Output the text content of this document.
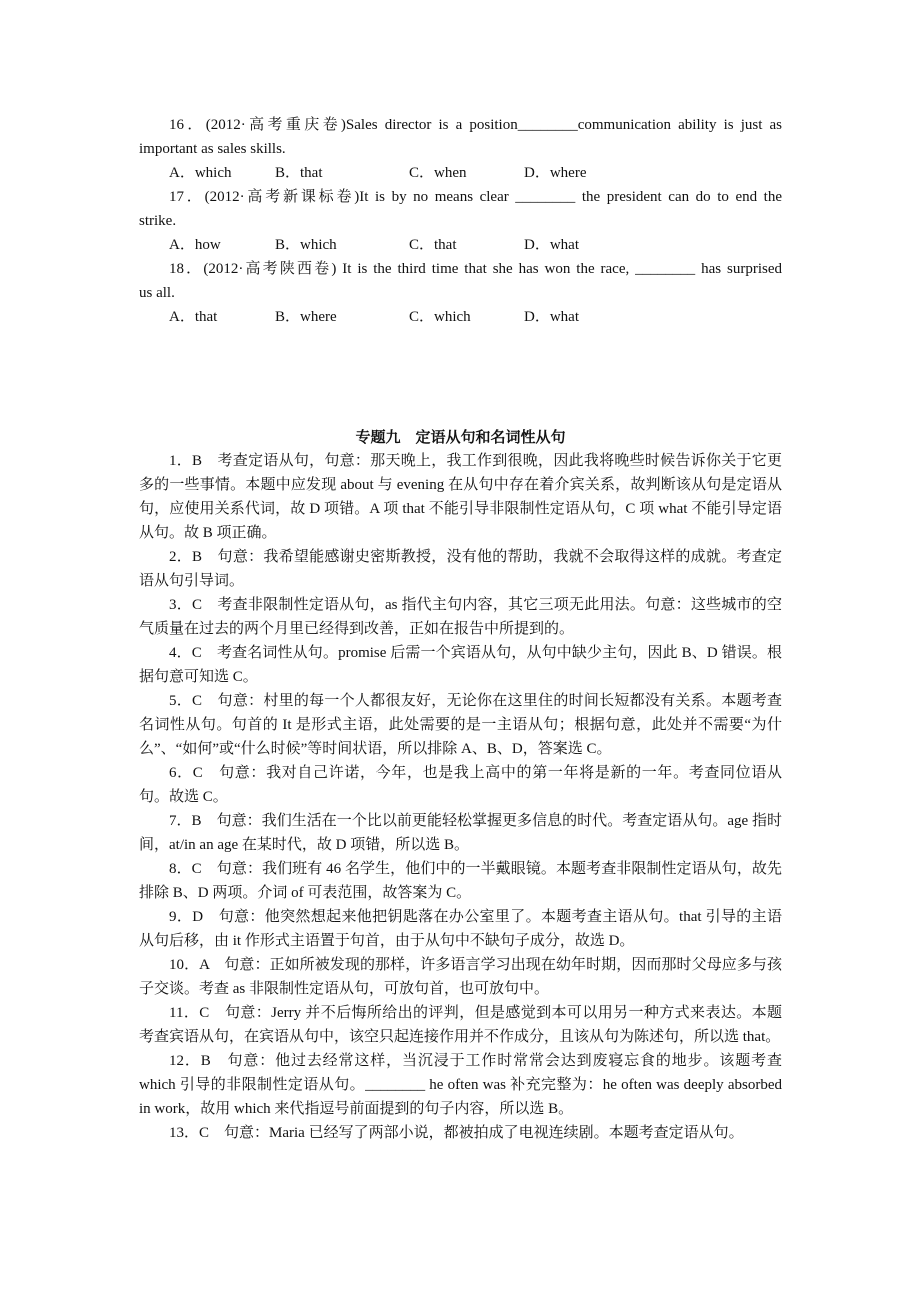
16．(2012·高考重庆卷)Sales director is a position________communication ability is just as

important as sales skills.

A．which	B．that	C．when	D．where

17．(2012·高考新课标卷)It is by no means clear ________ the president can do to end the

strike.

A．how	B．which	C．that	D．what

18．(2012·高考陕西卷) It is the third time that she has won the race, ________ has surprised

us all.

A．that	B．where	C．which	D．what

专题九　定语从句和名词性从句

1．B　考查定语从句，句意：那天晚上，我工作到很晚，因此我将晚些时候告诉你关于它更多的一些事情。本题中应发现 about 与 evening 在从句中存在着介宾关系，故判断该从句是定语从句，应使用关系代词，故 D 项错。A 项 that 不能引导非限制性定语从句，C 项 what 不能引导定语从句。故 B 项正确。

2．B　句意：我希望能感谢史密斯教授，没有他的帮助，我就不会取得这样的成就。考查定语从句引导词。

3．C　考查非限制性定语从句，as 指代主句内容，其它三项无此用法。句意：这些城市的空气质量在过去的两个月里已经得到改善，正如在报告中所提到的。

4．C　考查名词性从句。promise 后需一个宾语从句，从句中缺少主句，因此 B、D 错误。根据句意可知选 C。

5．C　句意：村里的每一个人都很友好，无论你在这里住的时间长短都没有关系。本题考查名词性从句。句首的 It 是形式主语，此处需要的是一主语从句；根据句意，此处并不需要“为什么”、“如何”或“什么时候”等时间状语，所以排除 A、B、D，答案选 C。

6．C　句意：我对自己许诺，今年，也是我上高中的第一年将是新的一年。考查同位语从句。故选 C。

7．B　句意：我们生活在一个比以前更能轻松掌握更多信息的时代。考查定语从句。age 指时间，at/in an age 在某时代，故 D 项错，所以选 B。

8．C　句意：我们班有 46 名学生，他们中的一半戴眼镜。本题考查非限制性定语从句，故先排除 B、D 两项。介词 of 可表范围，故答案为 C。

9．D　句意：他突然想起来他把钥匙落在办公室里了。本题考查主语从句。that 引导的主语从句后移，由 it 作形式主语置于句首，由于从句中不缺句子成分，故选 D。

10．A　句意：正如所被发现的那样，许多语言学习出现在幼年时期，因而那时父母应多与孩子交谈。考查 as 非限制性定语从句，可放句首，也可放句中。

11．C　句意：Jerry 并不后悔所给出的评判，但是感觉到本可以用另一种方式来表达。本题考查宾语从句，在宾语从句中，该空只起连接作用并不作成分，且该从句为陈述句，所以选 that。

12．B　句意：他过去经常这样，当沉浸于工作时常常会达到废寝忘食的地步。该题考查 which 引导的非限制性定语从句。________ he often was 补充完整为：he often was deeply absorbed in work，故用 which 来代指逗号前面提到的句子内容，所以选 B。

13．C　句意：Maria 已经写了两部小说，都被拍成了电视连续剧。本题考查定语从句。
